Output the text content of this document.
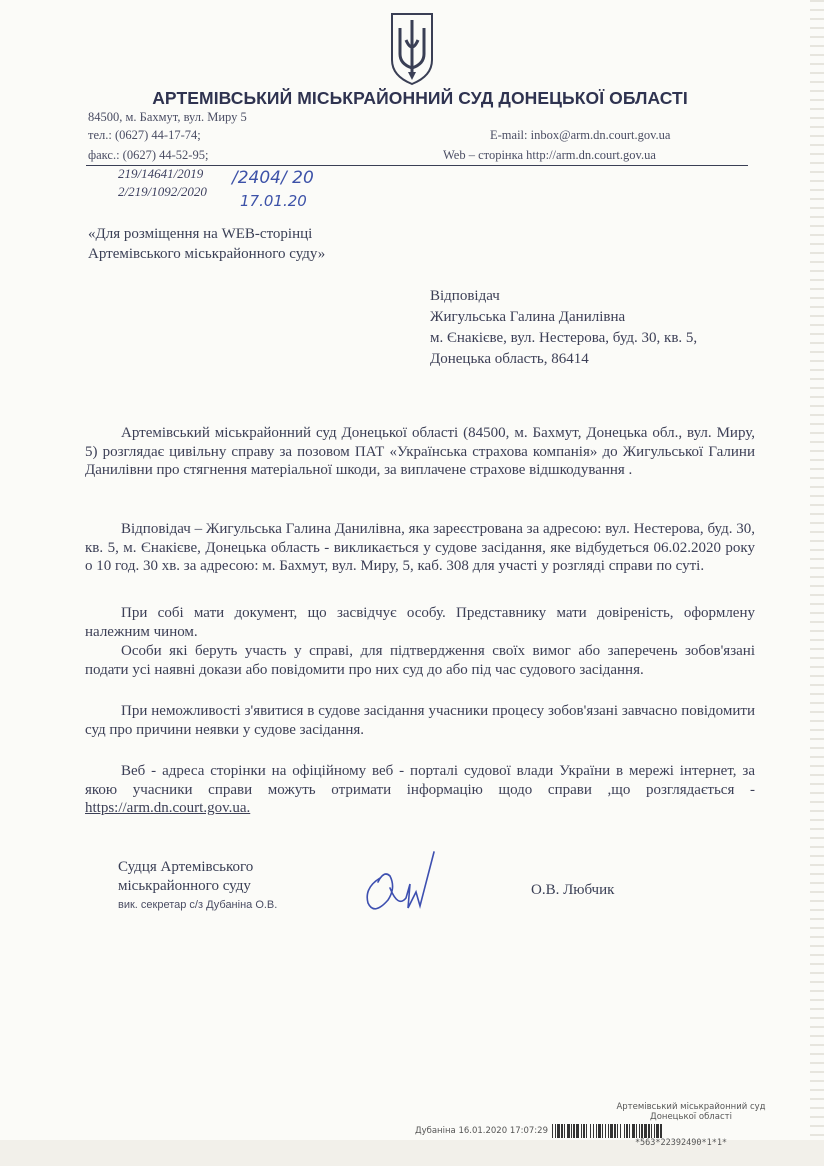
АРТЕМІВСЬКИЙ МІСЬКРАЙОННИЙ СУД ДОНЕЦЬКОЇ ОБЛАСТІ
84500, м. Бахмут, вул. Миру 5
тел.: (0627) 44-17-74;
факс.: (0627) 44-52-95;
E-mail: inbox@arm.dn.court.gov.ua
Web – сторінка http://arm.dn.court.gov.ua
219/14641/2019
2/219/1092/2020
/2404/ 20
17.01.20
«Для розміщення на WEB-сторінці
Артемівського міськрайонного суду»
Відповідач
Жигульська Галина Данилівна
м. Єнакієве, вул. Нестерова, буд. 30, кв. 5,
Донецька область, 86414
Артемівський міськрайонний суд Донецької області (84500, м. Бахмут, Донецька обл., вул. Миру, 5) розглядає цивільну справу за позовом ПАТ «Українська страхова компанія» до Жигульської Галини Данилівни про стягнення матеріальної шкоди, за виплачене страхове відшкодування .
Відповідач – Жигульська Галина Данилівна, яка зареєстрована за адресою: вул. Нестерова, буд. 30, кв. 5, м. Єнакієве, Донецька область - викликається у судове засідання, яке відбудеться 06.02.2020 року о 10 год. 30 хв. за адресою: м. Бахмут, вул. Миру, 5, каб. 308 для участі у розгляді справи по суті.
При собі мати документ, що засвідчує особу. Представнику мати довіреність, оформлену належним чином.
Особи які беруть участь у справі, для підтвердження своїх вимог або заперечень зобов'язані подати усі наявні докази або повідомити про них суд до або під час судового засідання.
При неможливості з'явитися в судове засідання учасники процесу зобов'язані завчасно повідомити суд про причини неявки у судове засідання.
Веб - адреса сторінки на офіційному веб - порталі судової влади України в мережі інтернет, за якою учасники справи можуть отримати інформацію щодо справи ,що розглядається - https://arm.dn.court.gov.ua.
Судця Артемівського
міськрайонного суду
вик. секретар с/з Дубаніна О.В.
О.В. Любчик
Артемівський міськрайонний суд
Донецької області
Дубаніна 16.01.2020 17:07:29
*563*22392490*1*1*
